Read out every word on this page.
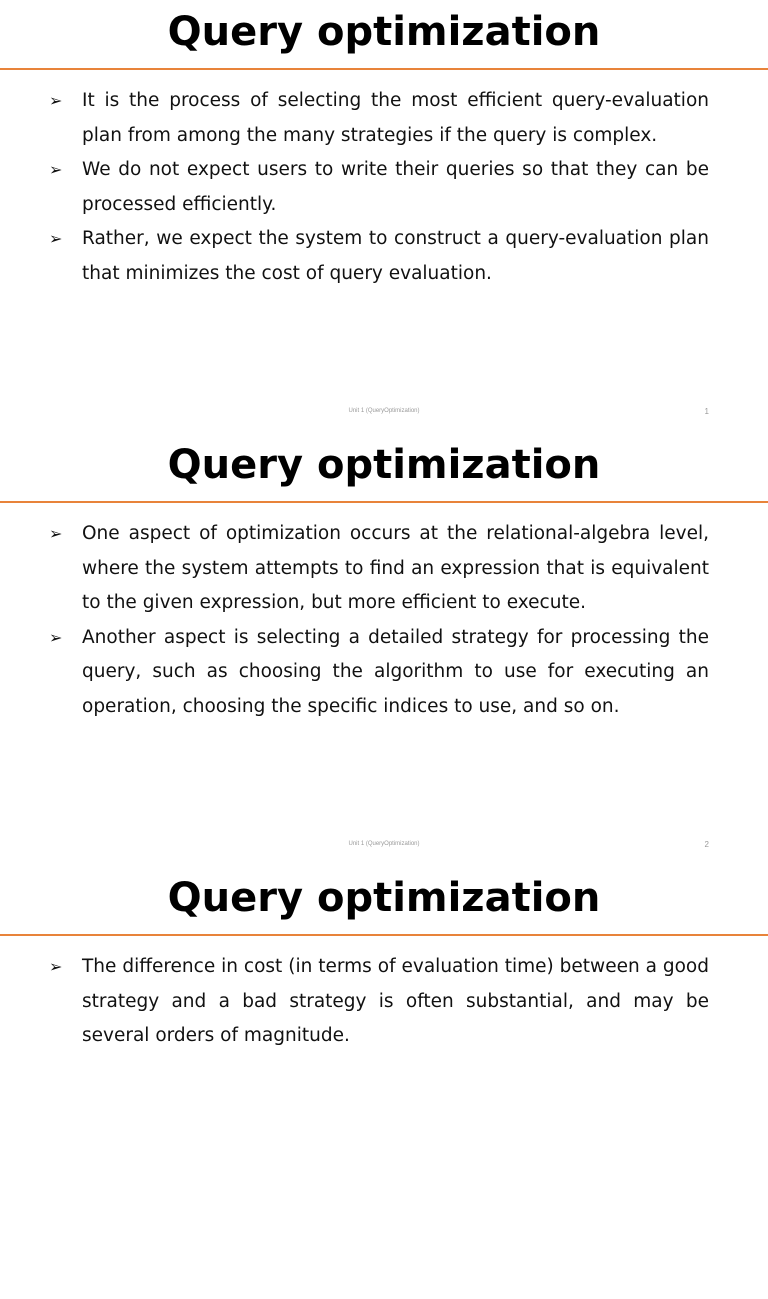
Query optimization
➢ It is the process of selecting the most efficient query-evaluation plan from among the many strategies if the query is complex.
➢ We do not expect users to write their queries so that they can be processed efficiently.
➢ Rather, we expect the system to construct a query-evaluation plan that minimizes the cost of query evaluation.
Unit 1 (QueryOptimization)	1
Query optimization
➢ One aspect of optimization occurs at the relational-algebra level, where the system attempts to find an expression that is equivalent to the given expression, but more efficient to execute.
➢ Another aspect is selecting a detailed strategy for processing the query, such as choosing the algorithm to use for executing an operation, choosing the specific indices to use, and so on.
Unit 1 (QueryOptimization)	2
Query optimization
➢ The difference in cost (in terms of evaluation time) between a good strategy and a bad strategy is often substantial, and may be several orders of magnitude.
